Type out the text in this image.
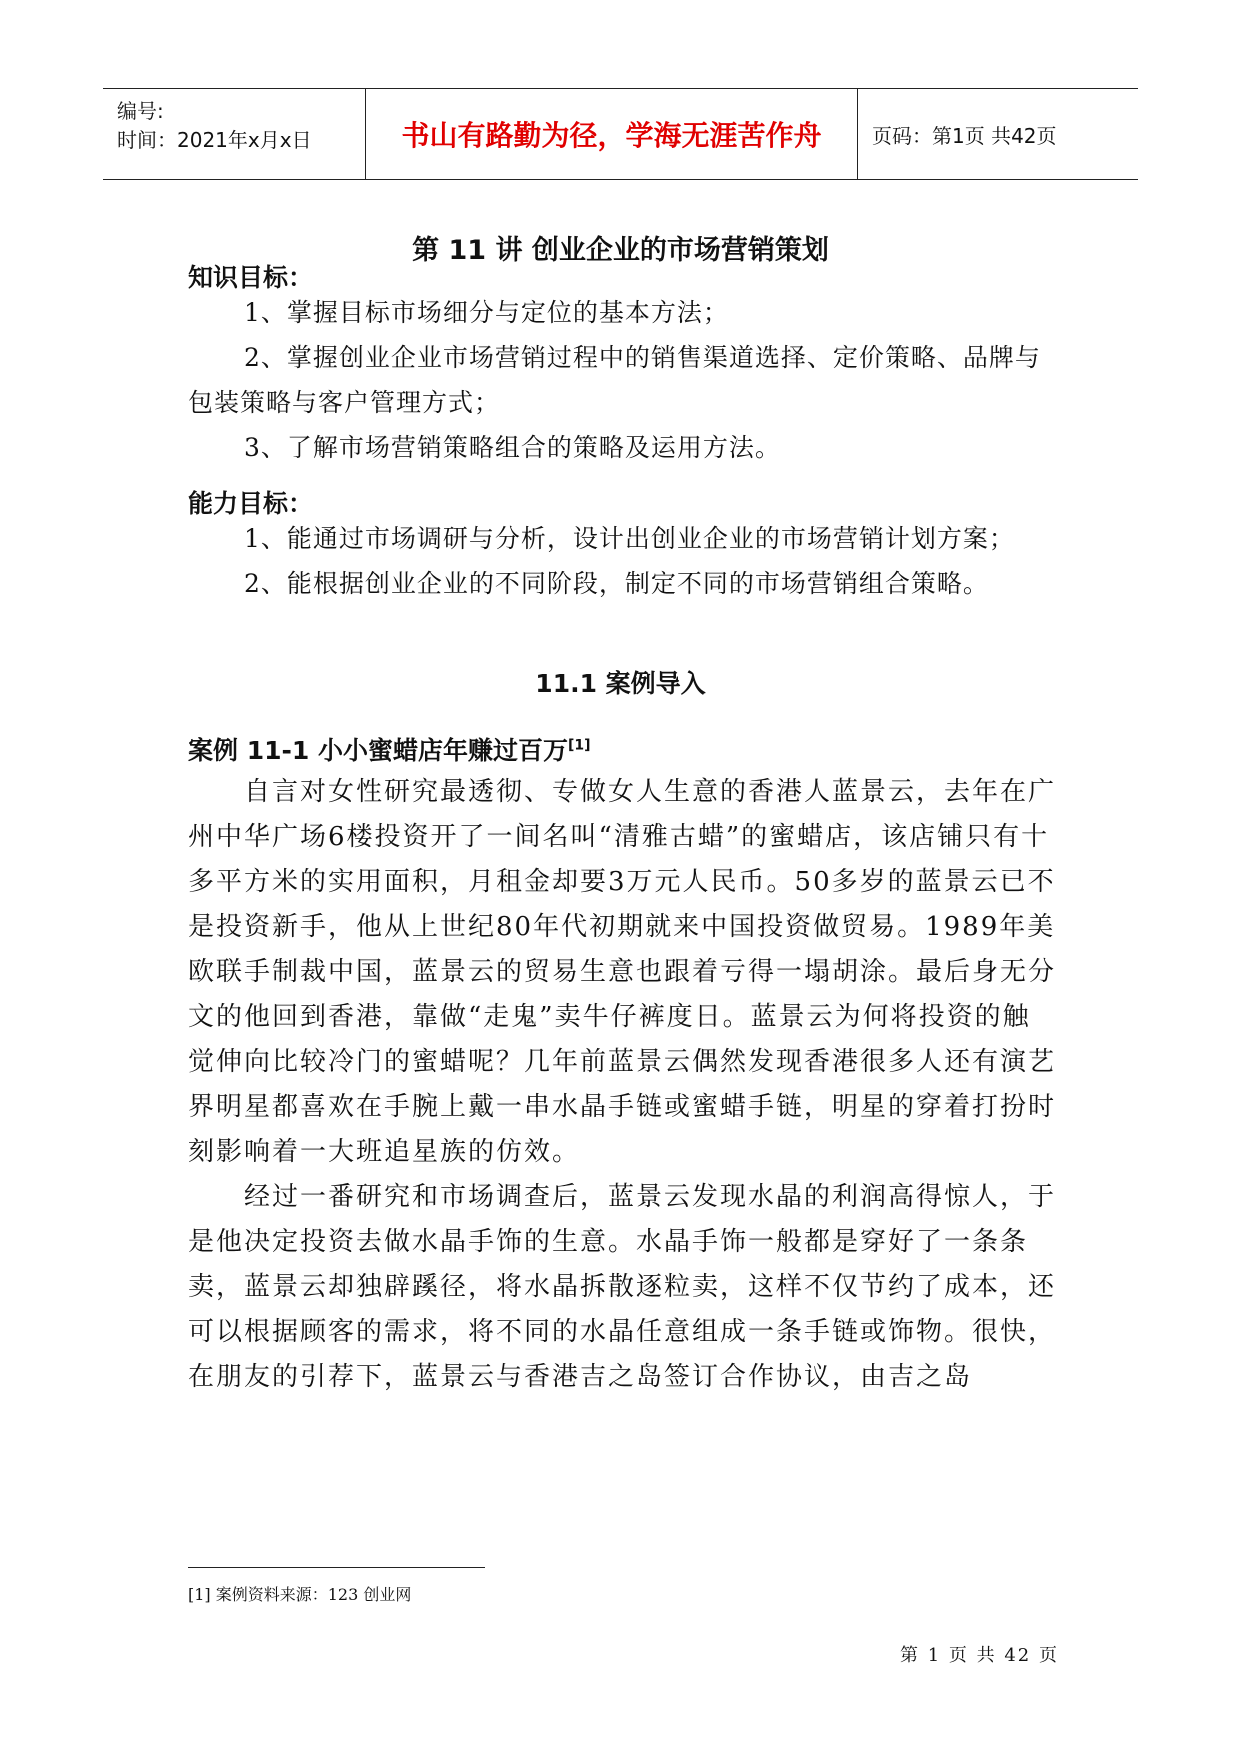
编号:
时间：2021年x月x日	书山有路勤为径，学海无涯苦作舟	页码：第1页 共42页
第 11 讲 创业企业的市场营销策划
知识目标：
1、掌握目标市场细分与定位的基本方法；
2、掌握创业企业市场营销过程中的销售渠道选择、定价策略、品牌与包装策略与客户管理方式；
3、了解市场营销策略组合的策略及运用方法。
能力目标：
1、能通过市场调研与分析，设计出创业企业的市场营销计划方案；
2、能根据创业企业的不同阶段，制定不同的市场营销组合策略。
11.1 案例导入
案例 11-1 小小蜜蜡店年赚过百万[1]
自言对女性研究最透彻、专做女人生意的香港人蓝景云，去年在广州中华广场6楼投资开了一间名叫“清雅古蜡”的蜜蜡店，该店铺只有十多平方米的实用面积，月租金却要3万元人民币。50多岁的蓝景云已不是投资新手，他从上世纪80年代初期就来中国投资做贸易。1989年美欧联手制裁中国，蓝景云的贸易生意也跟着亏得一塌胡涂。最后身无分文的他回到香港，靠做“走鬼”卖牛仔裤度日。蓝景云为何将投资的触觉伸向比较冷门的蜜蜡呢？几年前蓝景云偶然发现香港很多人还有演艺界明星都喜欢在手腕上戴一串水晶手链或蜜蜡手链，明星的穿着打扮时刻影响着一大班追星族的仿效。
经过一番研究和市场调查后，蓝景云发现水晶的利润高得惊人，于是他决定投资去做水晶手饰的生意。水晶手饰一般都是穿好了一条条卖，蓝景云却独辟蹊径，将水晶拆散逐粒卖，这样不仅节约了成本，还可以根据顾客的需求，将不同的水晶任意组成一条手链或饰物。很快，在朋友的引荐下，蓝景云与香港吉之岛签订合作协议，由吉之岛
[1] 案例资料来源：123 创业网
第 1 页 共 42 页
